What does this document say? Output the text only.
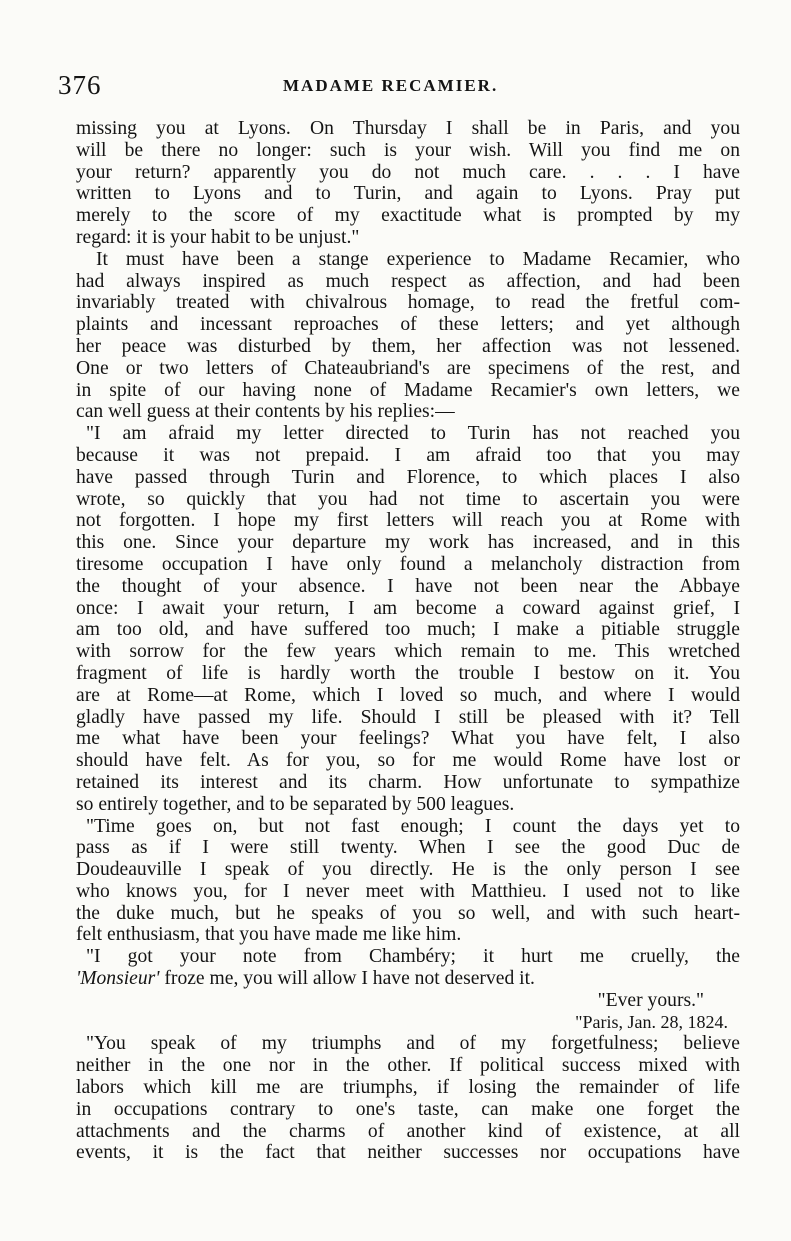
376	MADAME RECAMIER.

missing you at Lyons. On Thursday I shall be in Paris, and you
will be there no longer: such is your wish. Will you find me on
your return? apparently you do not much care. . . . I have
written to Lyons and to Turin, and again to Lyons. Pray put
merely to the score of my exactitude what is prompted by my
regard: it is your habit to be unjust."

It must have been a stange experience to Madame Recamier, who
had always inspired as much respect as affection, and had been
invariably treated with chivalrous homage, to read the fretful com-
plaints and incessant reproaches of these letters; and yet although
her peace was disturbed by them, her affection was not lessened.
One or two letters of Chateaubriand's are specimens of the rest, and
in spite of our having none of Madame Recamier's own letters, we
can well guess at their contents by his replies:—

"I am afraid my letter directed to Turin has not reached you
because it was not prepaid. I am afraid too that you may
have passed through Turin and Florence, to which places I also
wrote, so quickly that you had not time to ascertain you were
not forgotten. I hope my first letters will reach you at Rome with
this one. Since your departure my work has increased, and in this
tiresome occupation I have only found a melancholy distraction from
the thought of your absence. I have not been near the Abbaye
once: I await your return, I am become a coward against grief, I
am too old, and have suffered too much; I make a pitiable struggle
with sorrow for the few years which remain to me. This wretched
fragment of life is hardly worth the trouble I bestow on it. You
are at Rome—at Rome, which I loved so much, and where I would
gladly have passed my life. Should I still be pleased with it? Tell
me what have been your feelings? What you have felt, I also
should have felt. As for you, so for me would Rome have lost or
retained its interest and its charm. How unfortunate to sympathize
so entirely together, and to be separated by 500 leagues.

"Time goes on, but not fast enough; I count the days yet to
pass as if I were still twenty. When I see the good Duc de
Doudeauville I speak of you directly. He is the only person I see
who knows you, for I never meet with Matthieu. I used not to like
the duke much, but he speaks of you so well, and with such heart-
felt enthusiasm, that you have made me like him.

"I got your note from Chambéry; it hurt me cruelly, the
'Monsieur' froze me, you will allow I have not deserved it.

"Ever yours."
"Paris, Jan. 28, 1824.

"You speak of my triumphs and of my forgetfulness; believe
neither in the one nor in the other. If political success mixed with
labors which kill me are triumphs, if losing the remainder of life
in occupations contrary to one's taste, can make one forget the
attachments and the charms of another kind of existence, at all
events, it is the fact that neither successes nor occupations have
